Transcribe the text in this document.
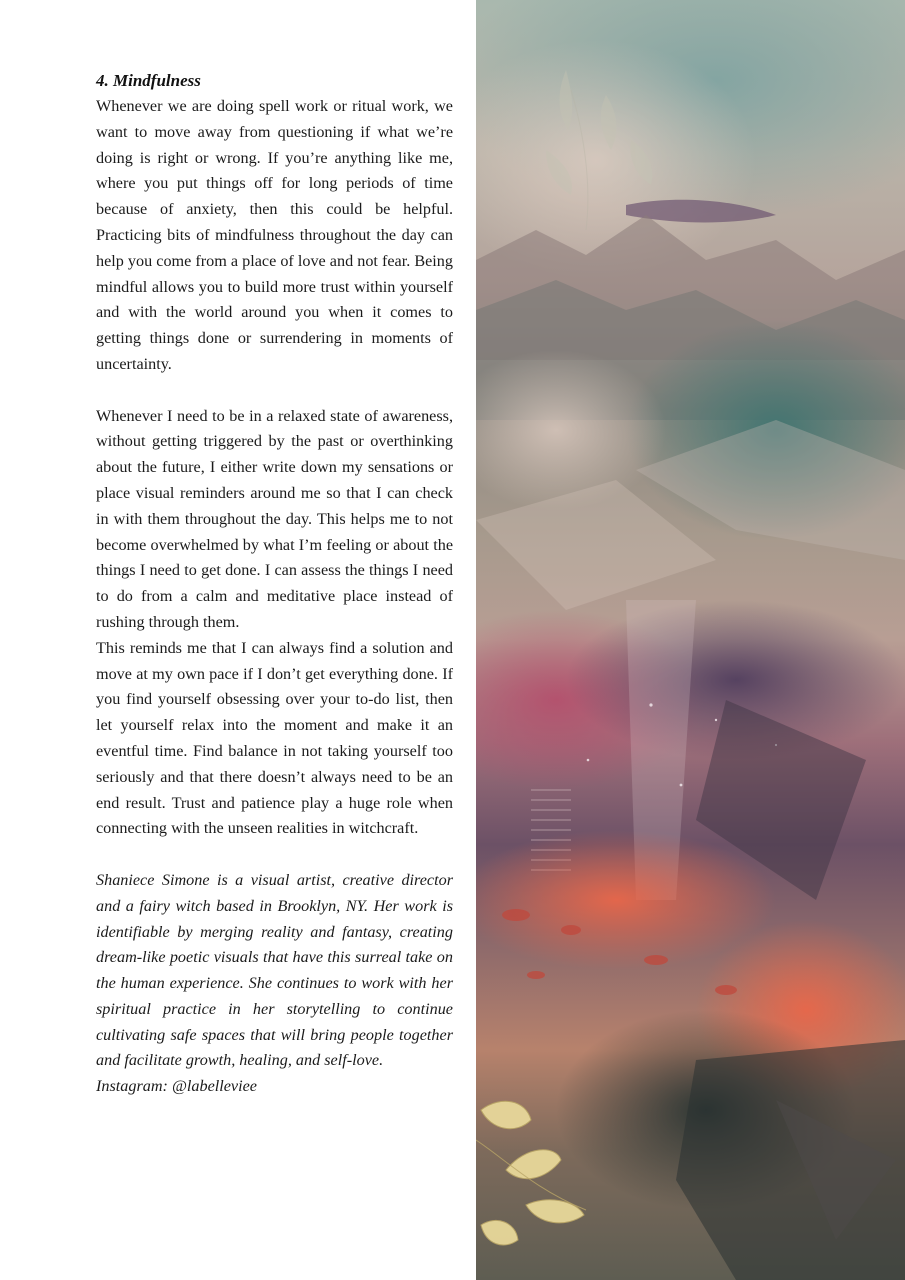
4. Mindfulness

Whenever we are doing spell work or ritual work, we want to move away from questioning if what we’re doing is right or wrong. If you’re anything like me, where you put things off for long periods of time because of anxiety, then this could be helpful. Practicing bits of mindfulness throughout the day can help you come from a place of love and not fear. Being mindful allows you to build more trust within yourself and with the world around you when it comes to getting things done or surrendering in moments of uncertainty.

Whenever I need to be in a relaxed state of awareness, without getting triggered by the past or overthinking about the future, I either write down my sensations or place visual reminders around me so that I can check in with them throughout the day. This helps me to not become overwhelmed by what I’m feeling or about the things I need to get done. I can assess the things I need to do from a calm and meditative place instead of rushing through them.

This reminds me that I can always find a solution and move at my own pace if I don’t get everything done. If you find yourself obsessing over your to-do list, then let yourself relax into the moment and make it an eventful time. Find balance in not taking yourself too seriously and that there doesn’t always need to be an end result. Trust and patience play a huge role when connecting with the unseen realities in witchcraft.

Shaniece Simone is a visual artist, creative director and a fairy witch based in Brooklyn, NY. Her work is identifiable by merging reality and fantasy, creating dream-like poetic visuals that have this surreal take on the human experience. She continues to work with her spiritual practice in her storytelling to continue cultivating safe spaces that will bring people together and facilitate growth, healing, and self-love.

Instagram: @labelleviee
